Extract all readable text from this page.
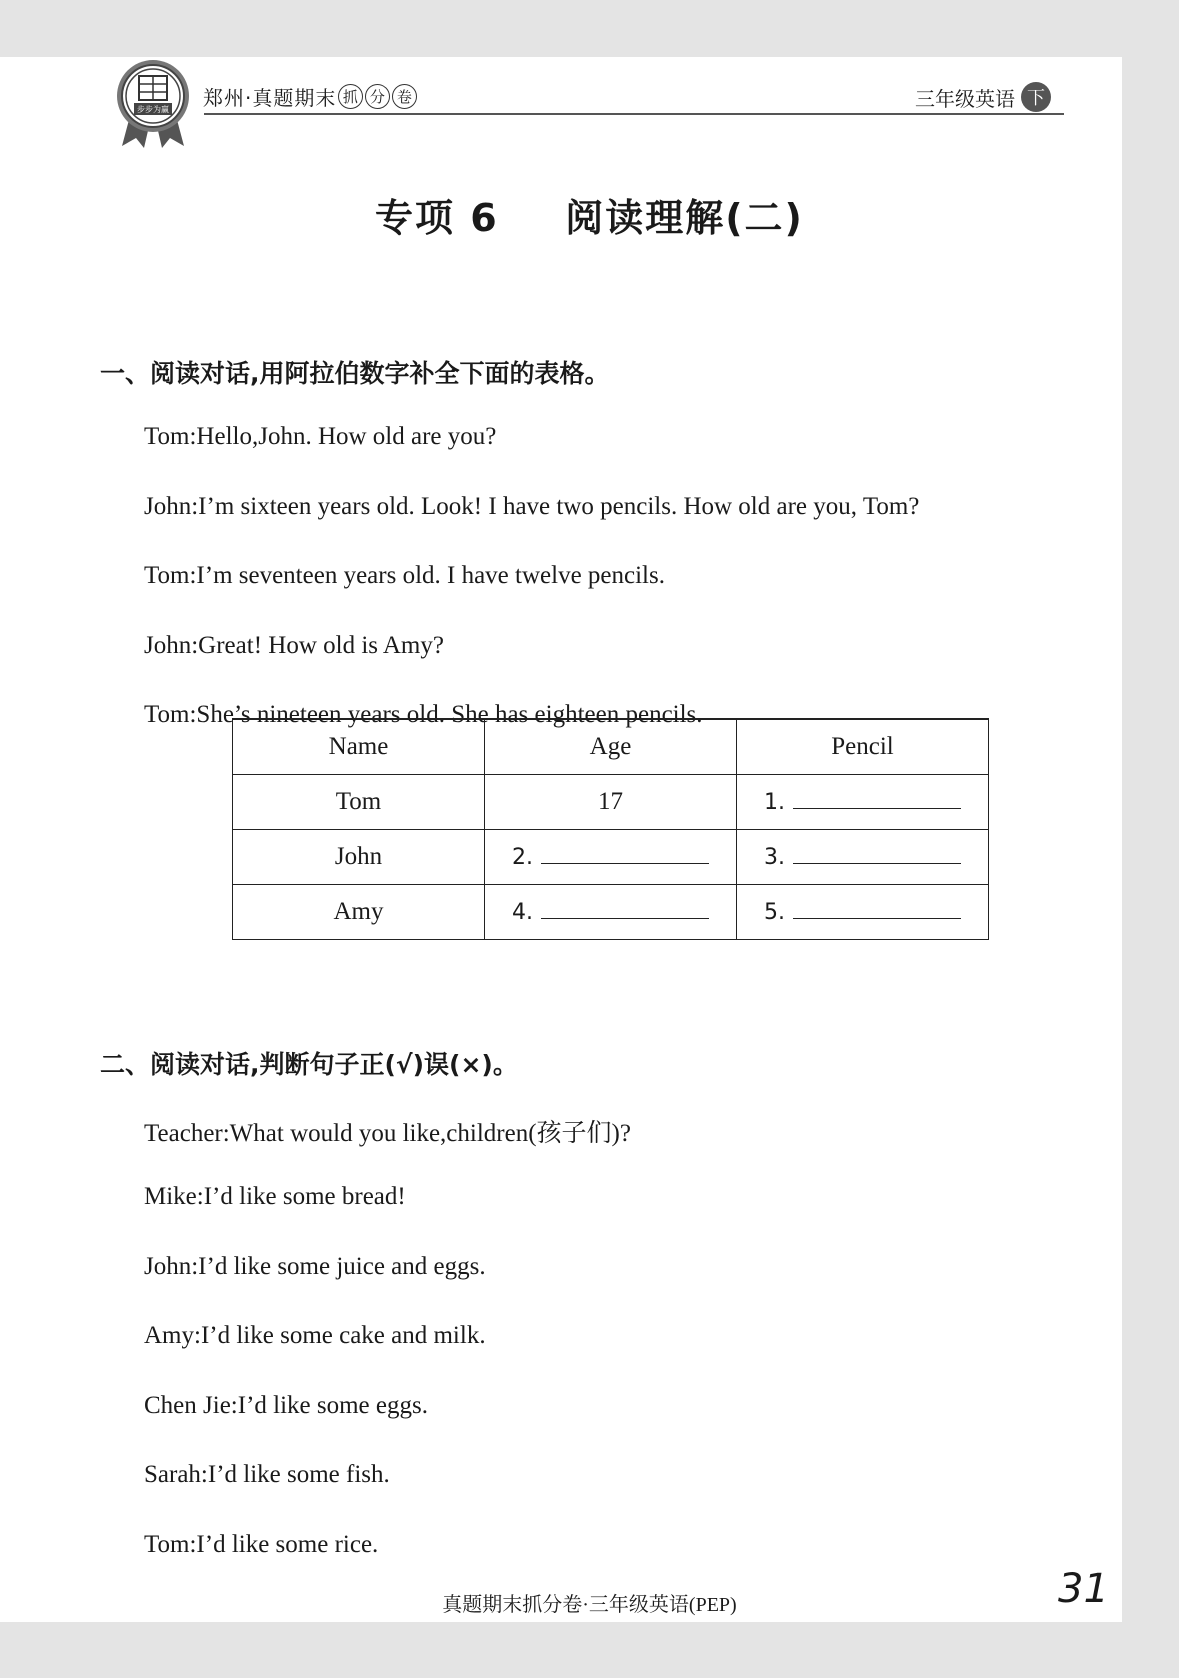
步步为赢 郑州·真题期末 抓 分 卷	三年级英语 下
专项 6 阅读理解(二)
一、阅读对话,用阿拉伯数字补全下面的表格。
Tom:Hello,John. How old are you?
John:I’m sixteen years old. Look! I have two pencils. How old are you, Tom?
Tom:I’m seventeen years old. I have twelve pencils.
John:Great! How old is Amy?
Tom:She’s nineteen years old. She has eighteen pencils.
Name	Age	Pencil
Tom	17	1.

John	2.	3.

Amy	4.	5.
二、阅读对话,判断句子正(√)误(×)。
Teacher:What would you like,children(孩子们)?
Mike:I’d like some bread!
John:I’d like some juice and eggs.
Amy:I’d like some cake and milk.
Chen Jie:I’d like some eggs.
Sarah:I’d like some fish.
Tom:I’d like some rice.
真题期末抓分卷·三年级英语(PEP)	31
